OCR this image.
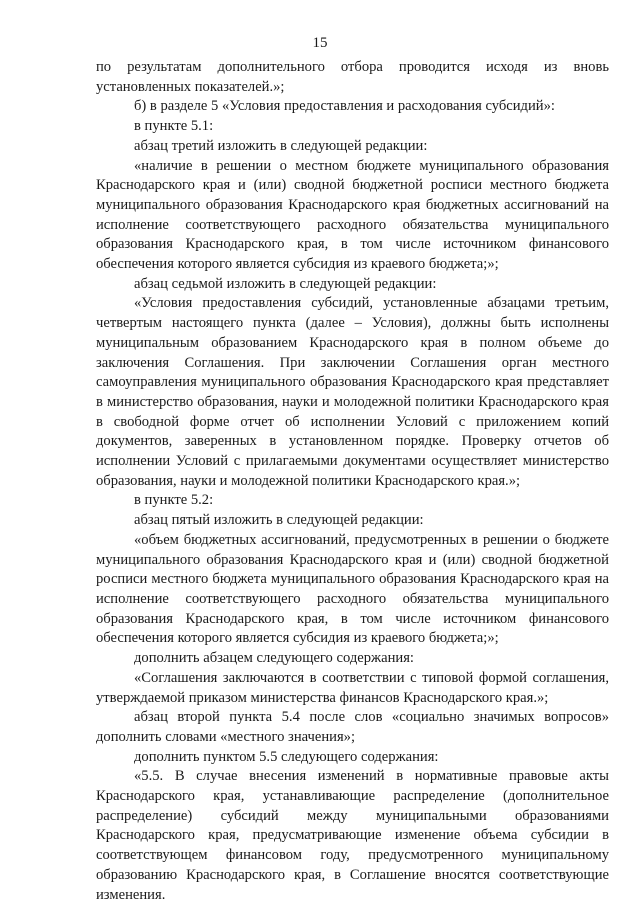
15

по результатам дополнительного отбора проводится исходя из вновь установленных показателей.»;

б) в разделе 5 «Условия предоставления и расходования субсидий»:

в пункте 5.1:

абзац третий изложить в следующей редакции:

«наличие в решении о местном бюджете муниципального образования Краснодарского края и (или) сводной бюджетной росписи местного бюджета муниципального образования Краснодарского края бюджетных ассигнований на исполнение соответствующего расходного обязательства муниципального образования Краснодарского края, в том числе источником финансового обеспечения которого является субсидия из краевого бюджета;»;

абзац седьмой изложить в следующей редакции:

«Условия предоставления субсидий, установленные абзацами третьим, четвертым настоящего пункта (далее – Условия), должны быть исполнены муниципальным образованием Краснодарского края в полном объеме до заключения Соглашения. При заключении Соглашения орган местного самоуправления муниципального образования Краснодарского края представляет в министерство образования, науки и молодежной политики Краснодарского края в свободной форме отчет об исполнении Условий с приложением копий документов, заверенных в установленном порядке. Проверку отчетов об исполнении Условий с прилагаемыми документами осуществляет министерство образования, науки и молодежной политики Краснодарского края.»;

в пункте 5.2:

абзац пятый изложить в следующей редакции:

«объем бюджетных ассигнований, предусмотренных в решении о бюджете муниципального образования Краснодарского края и (или) сводной бюджетной росписи местного бюджета муниципального образования Краснодарского края на исполнение соответствующего расходного обязательства муниципального образования Краснодарского края, в том числе источником финансового обеспечения которого является субсидия из краевого бюджета;»;

дополнить абзацем следующего содержания:

«Соглашения заключаются в соответствии с типовой формой соглашения, утверждаемой приказом министерства финансов Краснодарского края.»;

абзац второй пункта 5.4 после слов «социально значимых вопросов» дополнить словами «местного значения»;

дополнить пунктом 5.5 следующего содержания:

«5.5. В случае внесения изменений в нормативные правовые акты Краснодарского края, устанавливающие распределение (дополнительное распределение) субсидий между муниципальными образованиями Краснодарского края, предусматривающие изменение объема субсидии в соответствующем финансовом году, предусмотренного муниципальному образованию Краснодарского края, в Соглашение вносятся соответствующие изменения.
